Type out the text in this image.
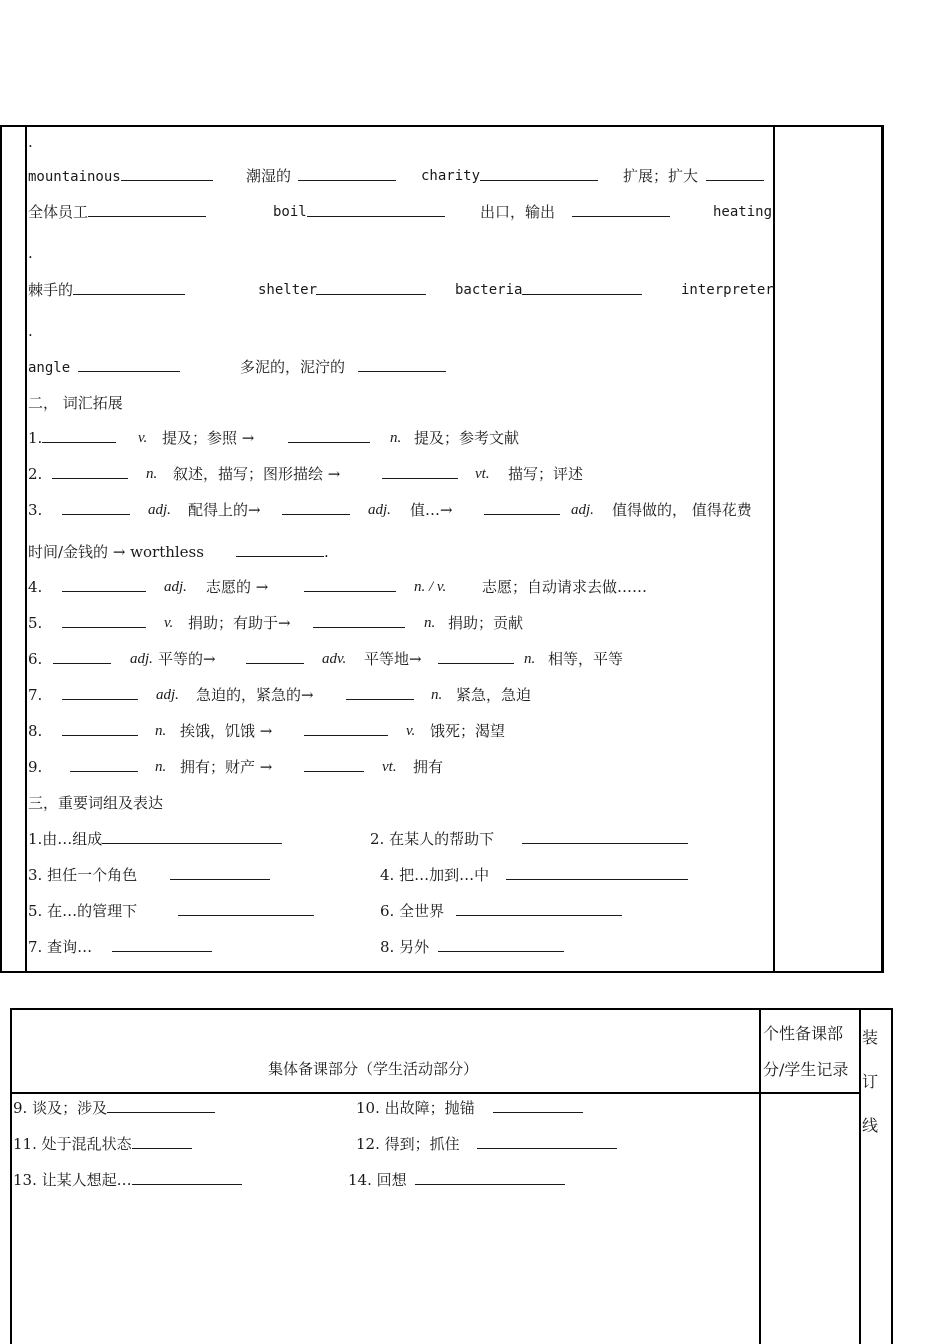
.
mountainous	潮湿的	charity	扩展；扩大
全体员工	boil	出口，输出	heating
.
棘手的	shelter	bacteria	interpreter
.
angle	多泥的，泥泞的
二， 词汇拓展
1.	v. 提及；参照 →	n. 提及；参考文献
2.	n. 叙述，描写；图形描绘 →	vt. 描写；评述
3.	adj. 配得上的→	adj. 值…→	adj. 值得做的， 值得花费
时间/金钱的 → worthless	.
4.	adj. 志愿的 →	n. / v. 志愿；自动请求去做……
5.	v. 捐助；有助于→	n. 捐助；贡献
6.	adj. 平等的→	adv. 平等地→	n. 相等，平等
7.	adj. 急迫的，紧急的→	n. 紧急，急迫
8.	n. 挨饿，饥饿 →	v. 饿死；渴望
9.	n. 拥有；财产 →	vt. 拥有
三，重要词组及表达
1.由…组成	2. 在某人的帮助下
3. 担任一个角色	4. 把…加到…中
5. 在…的管理下	6. 全世界
7. 查询…	8. 另外
集体备课部分（学生活动部分）
个性备课部分/学生记录
装订线
9. 谈及；涉及	10. 出故障；抛锚
11. 处于混乱状态	12. 得到；抓住
13. 让某人想起…	14. 回想
